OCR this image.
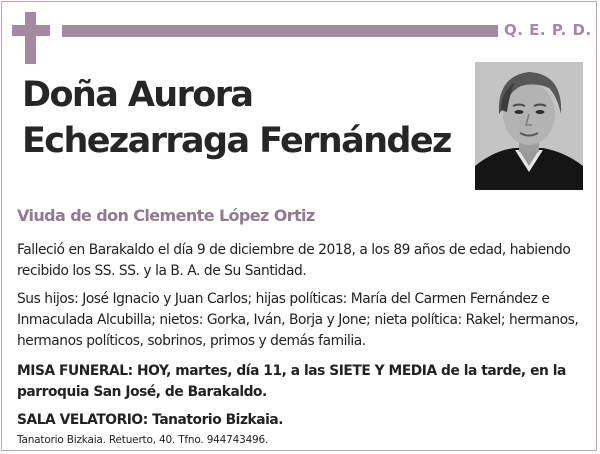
Q. E. P. D.
Doña Aurora
Echezarraga Fernández
Viuda de don Clemente López Ortiz

Falleció en Barakaldo el día 9 de diciembre de 2018, a los 89 años de edad, habiendo recibido los SS. SS. y la B. A. de Su Santidad.

Sus hijos: José Ignacio y Juan Carlos; hijas políticas: María del Carmen Fernández e Inmaculada Alcubilla; nietos: Gorka, Iván, Borja y Jone; nieta política: Rakel; hermanos, hermanos políticos, sobrinos, primos y demás familia.

MISA FUNERAL: HOY, martes, día 11, a las SIETE Y MEDIA de la tarde, en la parroquia San José, de Barakaldo.

SALA VELATORIO: Tanatorio Bizkaia.

Tanatorio Bizkaia. Retuerto, 40. Tfno. 944743496.
